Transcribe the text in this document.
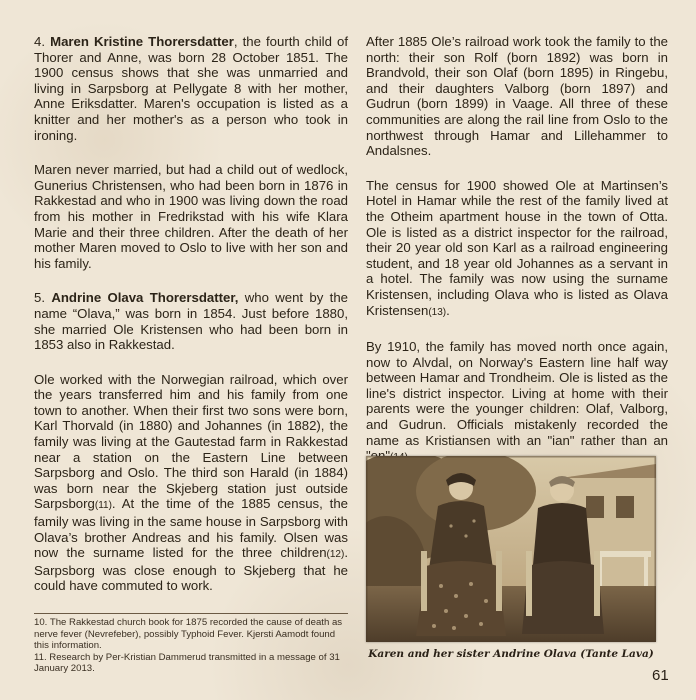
4. Maren Kristine Thorersdatter, the fourth child of Thorer and Anne, was born 28 October 1851. The 1900 census shows that she was unmarried and living in Sarpsborg at Pellygate 8 with her mother, Anne Eriksdatter. Maren's occupation is listed as a knitter and her mother's as a person who took in ironing.

Maren never married, but had a child out of wedlock, Gunerius Christensen, who had been born in 1876 in Rakkestad and who in 1900 was living down the road from his mother in Fredrikstad with his wife Klara Marie and their three children. After the death of her mother Maren moved to Oslo to live with her son and his family.

5. Andrine Olava Thorersdatter, who went by the name “Olava,” was born in 1854. Just before 1880, she married Ole Kristensen who had been born in 1853 also in Rakkestad.

Ole worked with the Norwegian railroad, which over the years transferred him and his family from one town to another. When their first two sons were born, Karl Thorvald (in 1880) and Johannes (in 1882), the family was living at the Gautestad farm in Rakkestad near a station on the Eastern Line between Sarpsborg and Oslo. The third son Harald (in 1884) was born near the Skjeberg station just outside Sarpsborg(11). At the time of the 1885 census, the family was living in the same house in Sarpsborg with Olava’s brother Andreas and his family. Olsen was now the surname listed for the three children(12). Sarpsborg was close enough to Skjeberg that he could have commuted to work.

10. The Rakkestad church book for 1875 recorded the cause of death as nerve fever (Nevrefeber), possibly Typhoid Fever. Kjersti Aamodt found this information.
11. Research by Per-Kristian Dammerud transmitted in a message of 31 January 2013.

After 1885 Ole’s railroad work took the family to the north: their son Rolf (born 1892) was born in Brandvold, their son Olaf (born 1895) in Ringebu, and their daughters Valborg (born 1897) and Gudrun (born 1899) in Vaage. All three of these communities are along the rail line from Oslo to the northwest through Hamar and Lillehammer to Andalsnes.

The census for 1900 showed Ole at Martinsen’s Hotel in Hamar while the rest of the family lived at the Otheim apartment house in the town of Otta. Ole is listed as a district inspector for the railroad, their 20 year old son Karl as a railroad engineering student, and 18 year old Johannes as a servant in a hotel. The family was now using the surname Kristensen, including Olava who is listed as Olava Kristensen(13).

By 1910, the family has moved north once again, now to Alvdal, on Norway's Eastern line half way between Hamar and Trondheim. Ole is listed as the line's district inspector. Living at home with their parents were the younger children: Olaf, Valborg, and Gudrun. Officials mistakenly recorded the name as Kristiansen with an "ian" rather than an

Karen and her sister Andrine Olava (Tante Lava)
61
